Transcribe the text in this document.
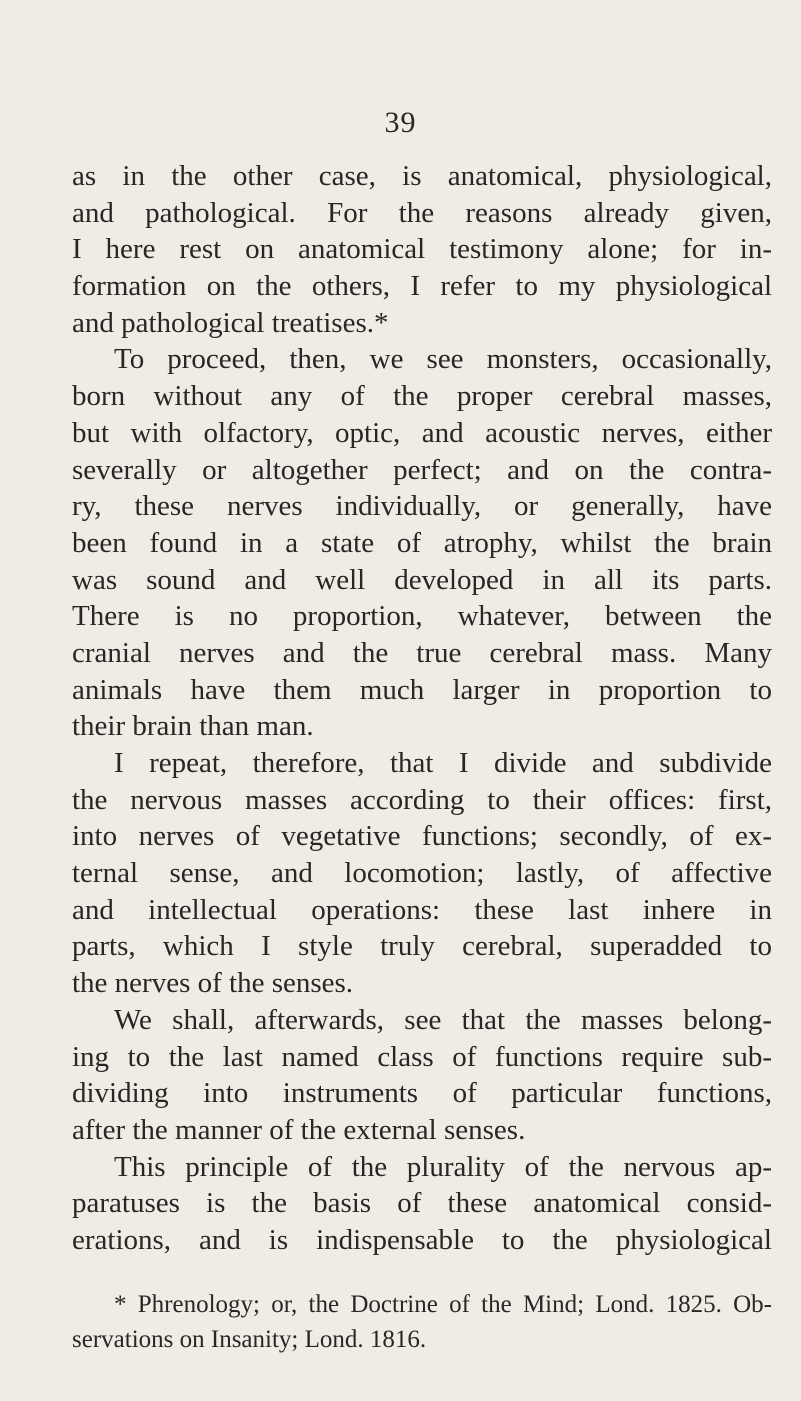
39
as in the other case, is anatomical, physiological,
and pathological. For the reasons already given,
I here rest on anatomical testimony alone; for in-
formation on the others, I refer to my physiological
and pathological treatises.*
To proceed, then, we see monsters, occasionally,
born without any of the proper cerebral masses,
but with olfactory, optic, and acoustic nerves, either
severally or altogether perfect; and on the contra-
ry, these nerves individually, or generally, have
been found in a state of atrophy, whilst the brain
was sound and well developed in all its parts.
There is no proportion, whatever, between the
cranial nerves and the true cerebral mass. Many
animals have them much larger in proportion to
their brain than man.
I repeat, therefore, that I divide and subdivide
the nervous masses according to their offices: first,
into nerves of vegetative functions; secondly, of ex-
ternal sense, and locomotion; lastly, of affective
and intellectual operations: these last inhere in
parts, which I style truly cerebral, superadded to
the nerves of the senses.
We shall, afterwards, see that the masses belong-
ing to the last named class of functions require sub-
dividing into instruments of particular functions,
after the manner of the external senses.
This principle of the plurality of the nervous ap-
paratuses is the basis of these anatomical consid-
erations, and is indispensable to the physiological
* Phrenology; or, the Doctrine of the Mind; Lond. 1825. Ob-
servations on Insanity; Lond. 1816.
